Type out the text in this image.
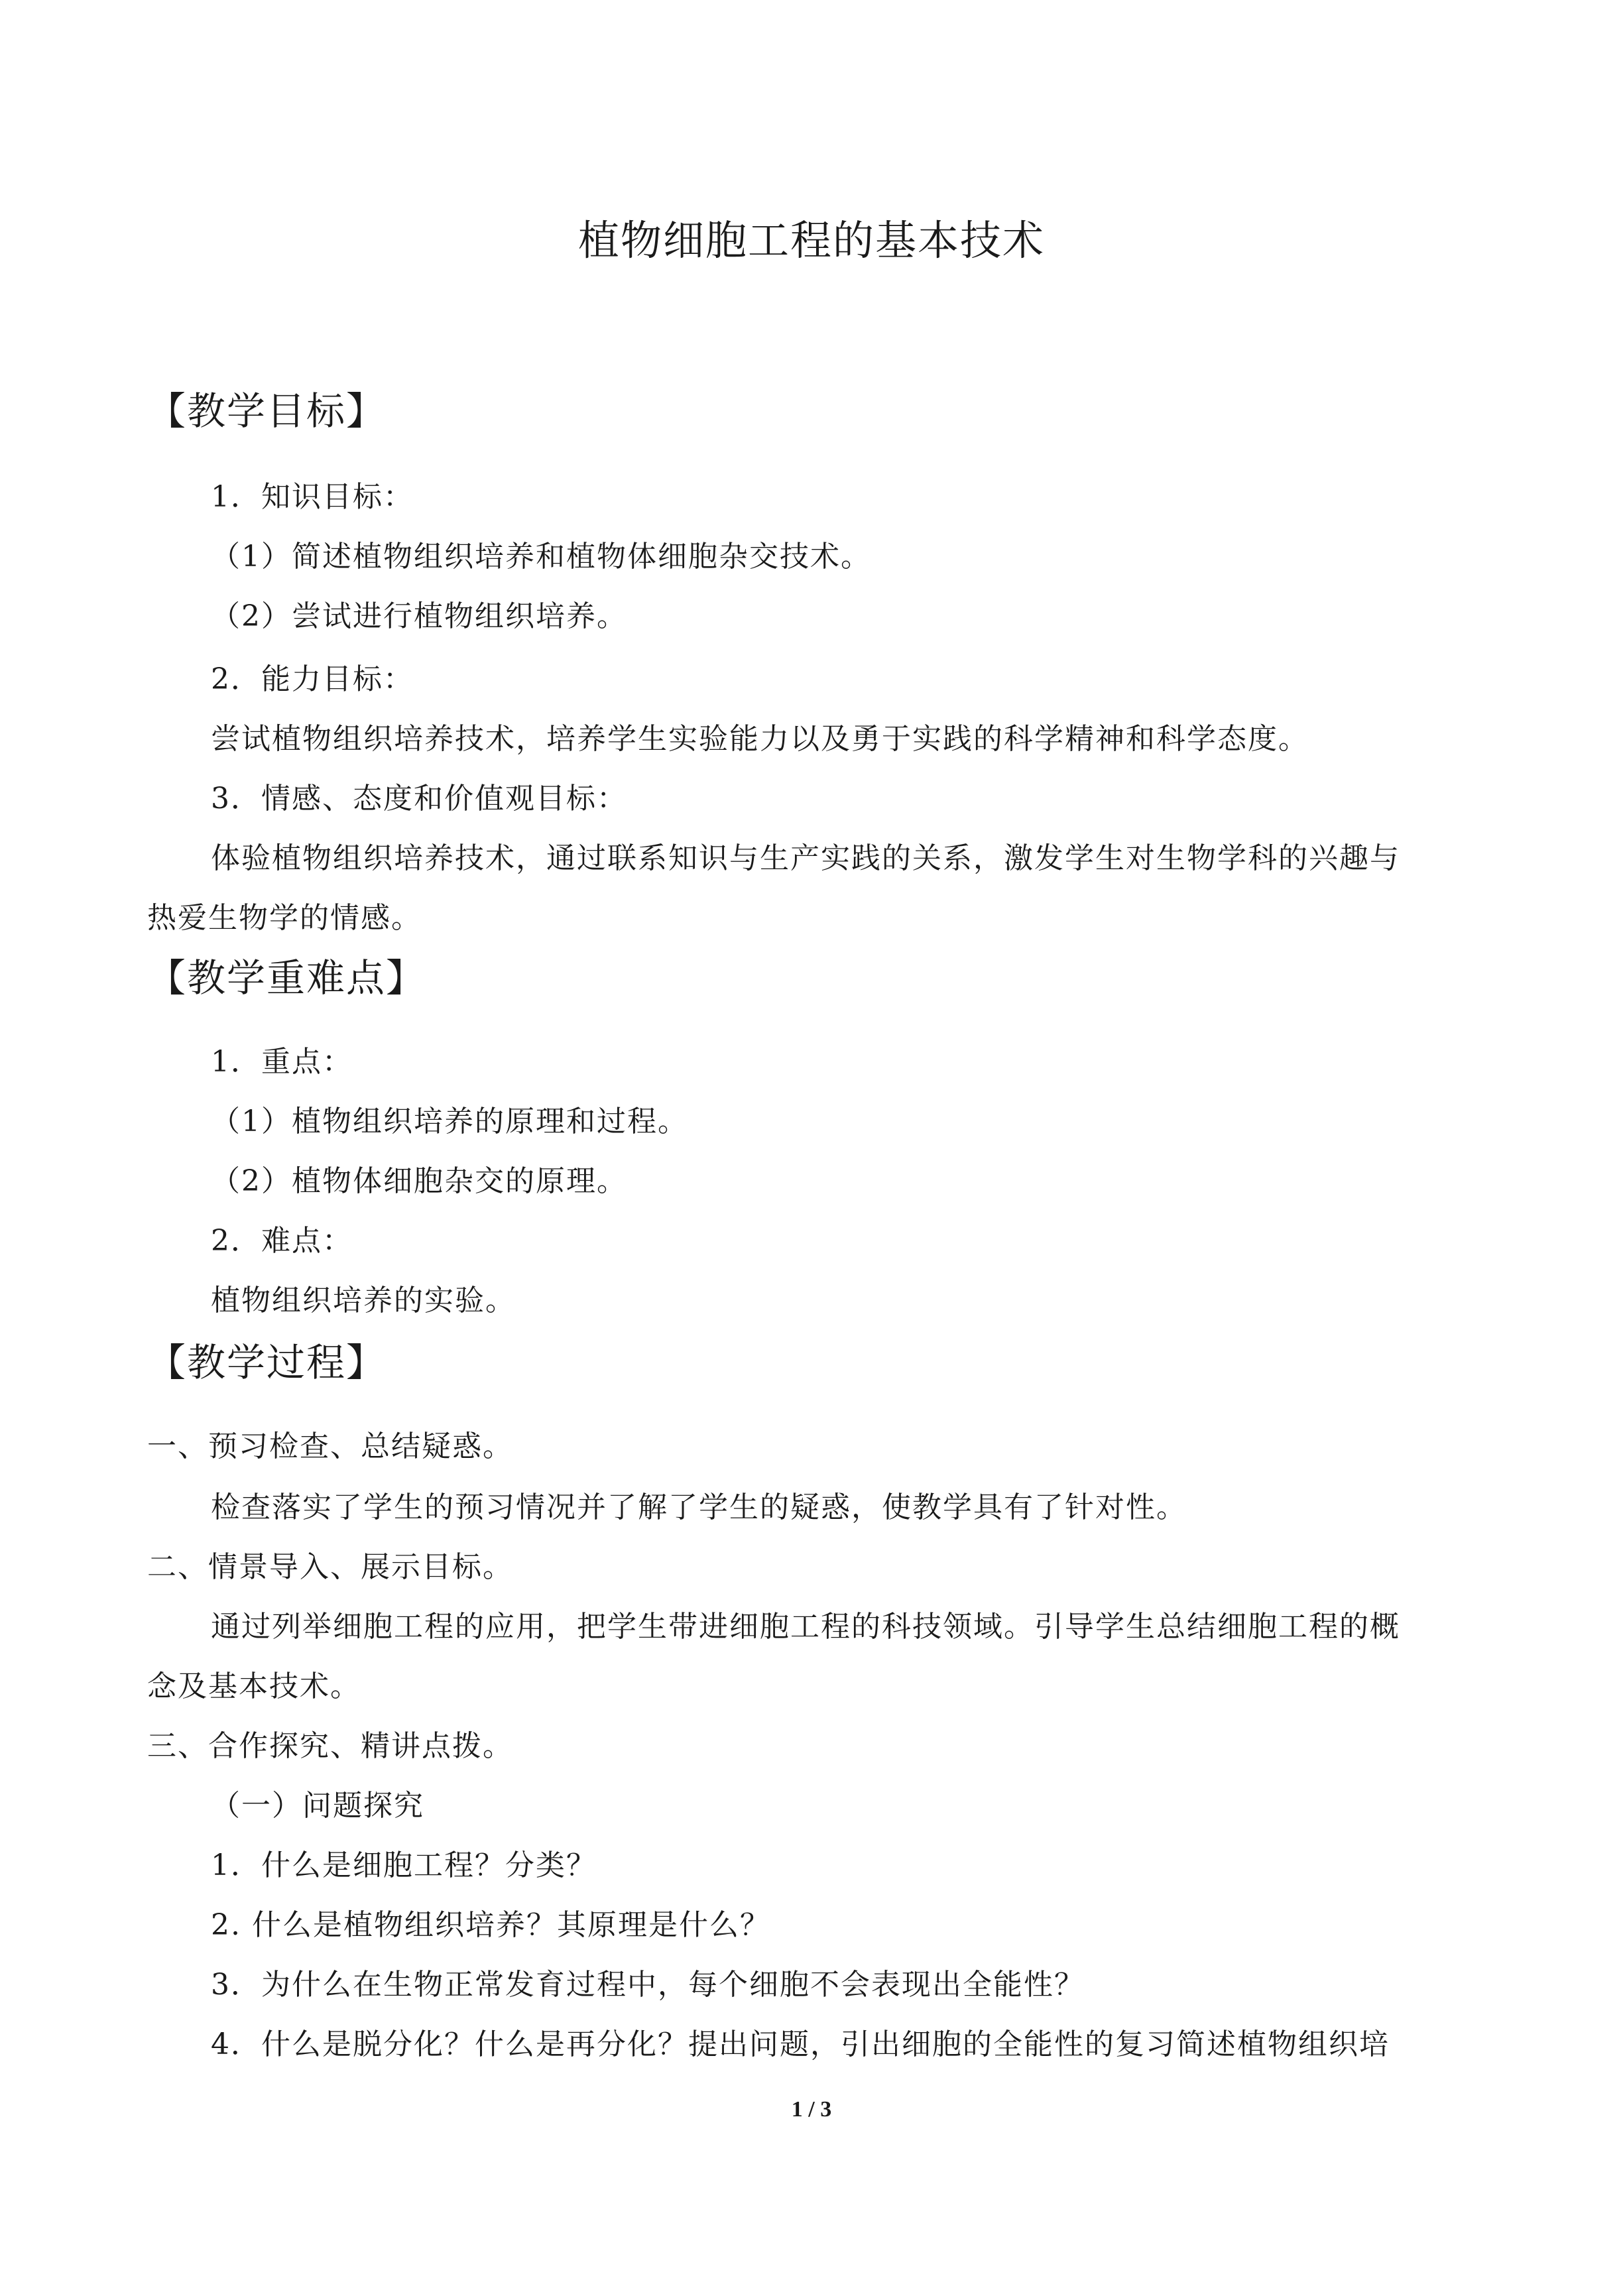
植物细胞工程的基本技术
【教学目标】
1．知识目标：
（1）简述植物组织培养和植物体细胞杂交技术。
（2）尝试进行植物组织培养。
2．能力目标：
尝试植物组织培养技术，培养学生实验能力以及勇于实践的科学精神和科学态度。
3．情感、态度和价值观目标：
体验植物组织培养技术，通过联系知识与生产实践的关系，激发学生对生物学科的兴趣与
热爱生物学的情感。
【教学重难点】
1．重点：
（1）植物组织培养的原理和过程。
（2）植物体细胞杂交的原理。
2．难点：
植物组织培养的实验。
【教学过程】
一、预习检查、总结疑惑。
检查落实了学生的预习情况并了解了学生的疑惑，使教学具有了针对性。
二、情景导入、展示目标。
通过列举细胞工程的应用，把学生带进细胞工程的科技领域。引导学生总结细胞工程的概
念及基本技术。
三、合作探究、精讲点拨。
（一）问题探究
1．什么是细胞工程？分类？
2. 什么是植物组织培养？其原理是什么？
3．为什么在生物正常发育过程中，每个细胞不会表现出全能性？
4．什么是脱分化？什么是再分化？提出问题，引出细胞的全能性的复习简述植物组织培
1 / 3
